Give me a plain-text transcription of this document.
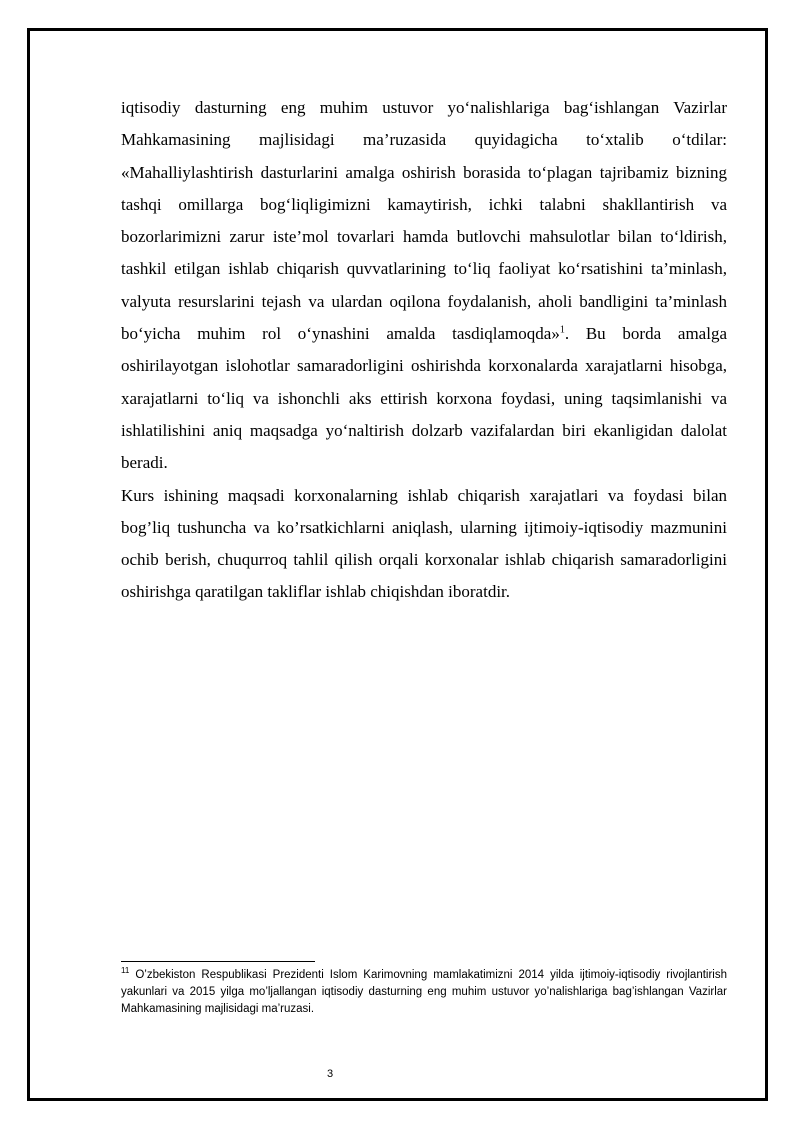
iqtisodiy dasturning eng muhim ustuvor yo‘nalishlariga bag‘ishlangan Vazirlar Mahkamasining majlisidagi ma’ruzasida quyidagicha to‘xtalib o‘tdilar: «Mahalliylashtirish dasturlarini amalga oshirish borasida to‘plagan tajribamiz bizning tashqi omillarga bog‘liqligimizni kamaytirish, ichki talabni shakllantirish va bozorlarimizni zarur iste’mol tovarlari hamda butlovchi mahsulotlar bilan to‘ldirish, tashkil etilgan ishlab chiqarish quvvatlarining to‘liq faoliyat ko‘rsatishini ta’minlash, valyuta resurslarini tejash va ulardan oqilona foydalanish, aholi bandligini ta’minlash bo‘yicha muhim rol o‘ynashini amalda tasdiqlamoqda»$^1$. Bu borda amalga oshirilayotgan islohotlar samaradorligini oshirishda korxonalarda xarajatlarni hisobga, xarajatlarni to‘liq va ishonchli aks ettirish korxona foydasi, uning taqsimlanishi va ishlatilishini aniq maqsadga yo‘naltirish dolzarb vazifalardan biri ekanligidan dalolat beradi.

Kurs ishining maqsadi korxonalarning ishlab chiqarish xarajatlari va foydasi bilan bog’liq tushuncha va ko’rsatkichlarni aniqlash, ularning ijtimoiy-iqtisodiy mazmunini ochib berish, chuqurroq tahlil qilish orqali korxonalar ishlab chiqarish samaradorligini oshirishga qaratilgan takliflar ishlab chiqishdan iboratdir.

$^{11}$ O’zbekiston Respublikasi Prezidenti Islom Karimovning mamlakatimizni 2014 yilda ijtimoiy-iqtisodiy rivojlantirish yakunlari va 2015 yilga mo’ljallangan iqtisodiy dasturning eng muhim ustuvor yo’nalishlariga bag’ishlangan Vazirlar Mahkamasining majlisidagi ma’ruzasi.

3
